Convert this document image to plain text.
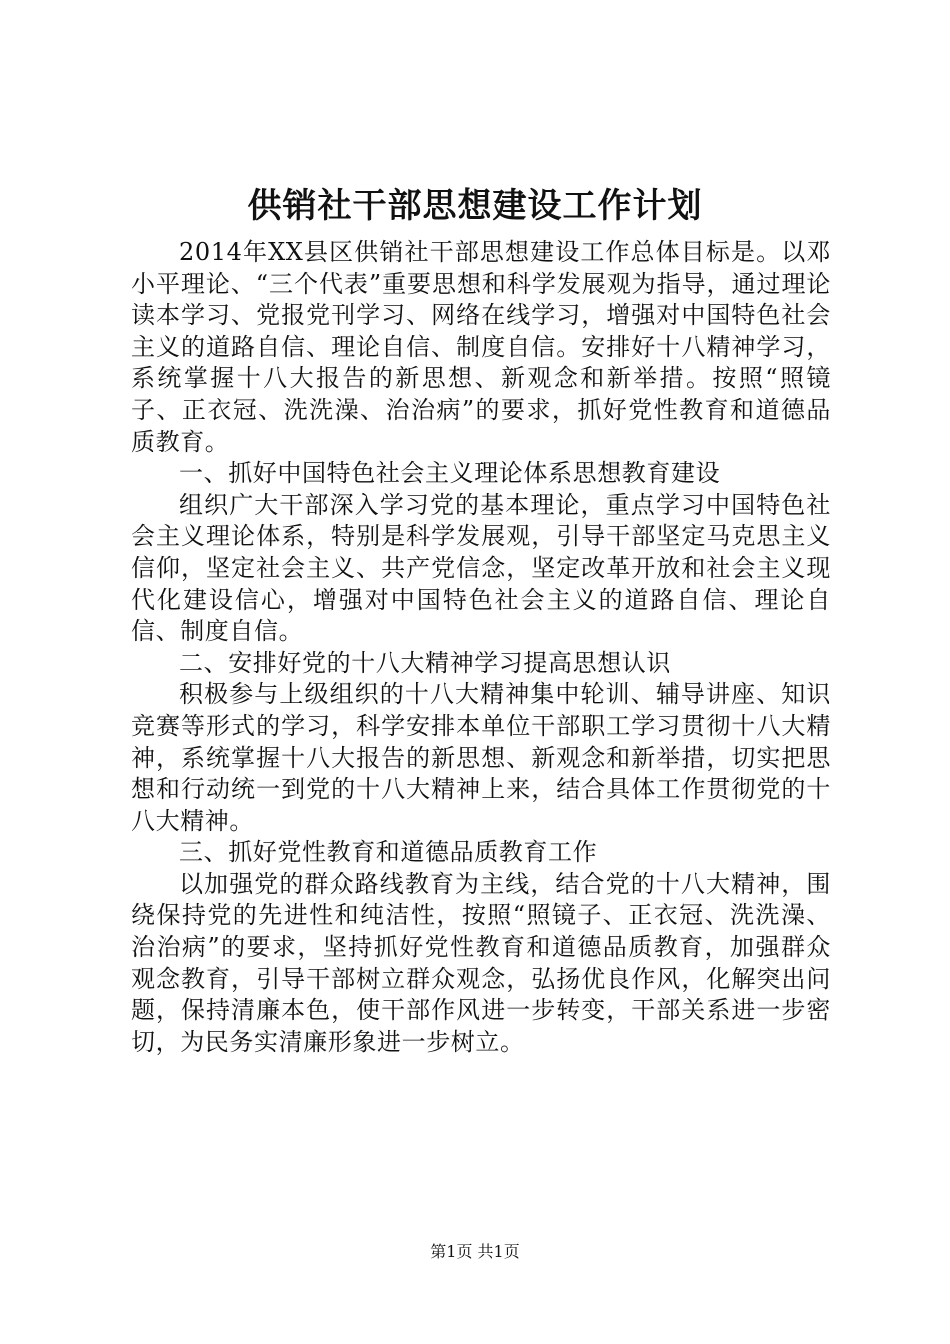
供销社干部思想建设工作计划

2014年XX县区供销社干部思想建设工作总体目标是。以邓小平理论、“三个代表”重要思想和科学发展观为指导，通过理论读本学习、党报党刊学习、网络在线学习，增强对中国特色社会主义的道路自信、理论自信、制度自信。安排好十八精神学习，系统掌握十八大报告的新思想、新观念和新举措。按照“照镜子、正衣冠、洗洗澡、治治病”的要求，抓好党性教育和道德品质教育。

一、抓好中国特色社会主义理论体系思想教育建设

组织广大干部深入学习党的基本理论，重点学习中国特色社会主义理论体系，特别是科学发展观，引导干部坚定马克思主义信仰，坚定社会主义、共产党信念，坚定改革开放和社会主义现代化建设信心，增强对中国特色社会主义的道路自信、理论自信、制度自信。

二、安排好党的十八大精神学习提高思想认识

积极参与上级组织的十八大精神集中轮训、辅导讲座、知识竞赛等形式的学习，科学安排本单位干部职工学习贯彻十八大精神，系统掌握十八大报告的新思想、新观念和新举措，切实把思想和行动统一到党的十八大精神上来，结合具体工作贯彻党的十八大精神。

三、抓好党性教育和道德品质教育工作

以加强党的群众路线教育为主线，结合党的十八大精神，围绕保持党的先进性和纯洁性，按照“照镜子、正衣冠、洗洗澡、治治病”的要求，坚持抓好党性教育和道德品质教育，加强群众观念教育，引导干部树立群众观念，弘扬优良作风，化解突出问题，保持清廉本色，使干部作风进一步转变，干部关系进一步密切，为民务实清廉形象进一步树立。

第1页 共1页
